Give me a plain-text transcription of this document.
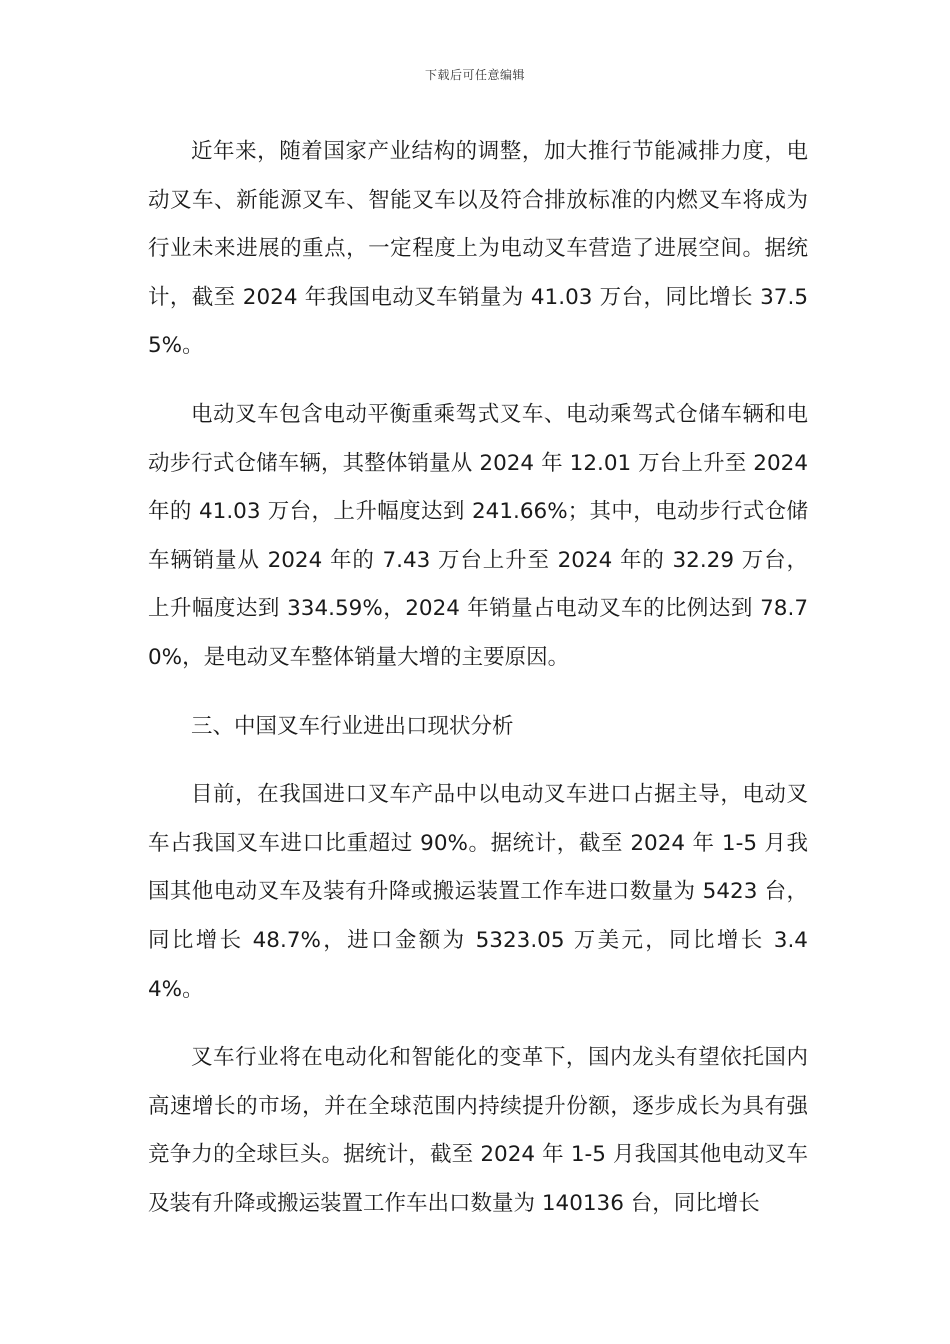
下载后可任意编辑

近年来，随着国家产业结构的调整，加大推行节能减排力度，电动叉车、新能源叉车、智能叉车以及符合排放标准的内燃叉车将成为行业未来进展的重点，一定程度上为电动叉车营造了进展空间。据统计，截至 2024 年我国电动叉车销量为 41.03 万台，同比增长 37.55%。

电动叉车包含电动平衡重乘驾式叉车、电动乘驾式仓储车辆和电动步行式仓储车辆，其整体销量从 2024 年 12.01 万台上升至 2024 年的 41.03 万台，上升幅度达到 241.66%；其中，电动步行式仓储车辆销量从 2024 年的 7.43 万台上升至 2024 年的 32.29 万台，上升幅度达到 334.59%，2024 年销量占电动叉车的比例达到 78.70%，是电动叉车整体销量大增的主要原因。

三、中国叉车行业进出口现状分析

目前，在我国进口叉车产品中以电动叉车进口占据主导，电动叉车占我国叉车进口比重超过 90%。据统计，截至 2024 年 1-5 月我国其他电动叉车及装有升降或搬运装置工作车进口数量为 5423 台，同比增长 48.7%，进口金额为 5323.05 万美元，同比增长 3.44%。

叉车行业将在电动化和智能化的变革下，国内龙头有望依托国内高速增长的市场，并在全球范围内持续提升份额，逐步成长为具有强竞争力的全球巨头。据统计，截至 2024 年 1-5 月我国其他电动叉车及装有升降或搬运装置工作车出口数量为 140136 台，同比增长
